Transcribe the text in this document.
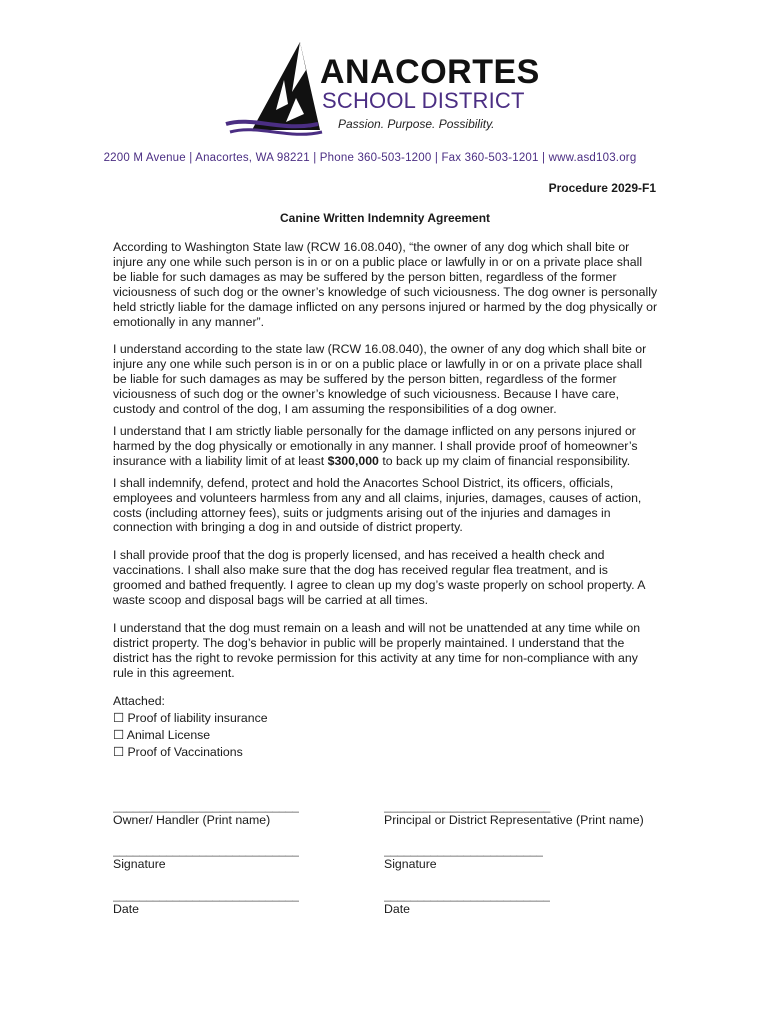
ANACORTES
SCHOOL DISTRICT
Passion. Purpose. Possibility.
2200 M Avenue | Anacortes, WA 98221 | Phone 360-503-1200 | Fax 360-503-1201 | www.asd103.org
Procedure 2029-F1
Canine Written Indemnity Agreement

According to Washington State law (RCW 16.08.040), “the owner of any dog which shall bite or injure any one while such person is in or on a public place or lawfully in or on a private place shall be liable for such damages as may be suffered by the person bitten, regardless of the former viciousness of such dog or the owner’s knowledge of such viciousness. The dog owner is personally held strictly liable for the damage inflicted on any persons injured or harmed by the dog physically or emotionally in any manner”.

I understand according to the state law (RCW 16.08.040), the owner of any dog which shall bite or injure any one while such person is in or on a public place or lawfully in or on a private place shall be liable for such damages as may be suffered by the person bitten, regardless of the former viciousness of such dog or the owner’s knowledge of such viciousness. Because I have care, custody and control of the dog, I am assuming the responsibilities of a dog owner.

I understand that I am strictly liable personally for the damage inflicted on any persons injured or harmed by the dog physically or emotionally in any manner. I shall provide proof of homeowner’s insurance with a liability limit of at least $300,000 to back up my claim of financial responsibility.

I shall indemnify, defend, protect and hold the Anacortes School District, its officers, officials, employees and volunteers harmless from any and all claims, injuries, damages, causes of action, costs (including attorney fees), suits or judgments arising out of the injuries and damages in connection with bringing a dog in and outside of district property.

I shall provide proof that the dog is properly licensed, and has received a health check and vaccinations. I shall also make sure that the dog has received regular flea treatment, and is groomed and bathed frequently. I agree to clean up my dog’s waste properly on school property. A waste scoop and disposal bags will be carried at all times.

I understand that the dog must remain on a leash and will not be unattended at any time while on district property. The dog’s behavior in public will be properly maintained. I understand that the district has the right to revoke permission for this activity at any time for non-compliance with any rule in this agreement.

Attached:
☐ Proof of liability insurance
☐ Animal License
☐ Proof of Vaccinations
____________________________
Owner/ Handler (Print name)
_________________________
Principal or District Representative (Print name)
____________________________
Signature
________________________
Signature
____________________________
Date
_________________________
Date
